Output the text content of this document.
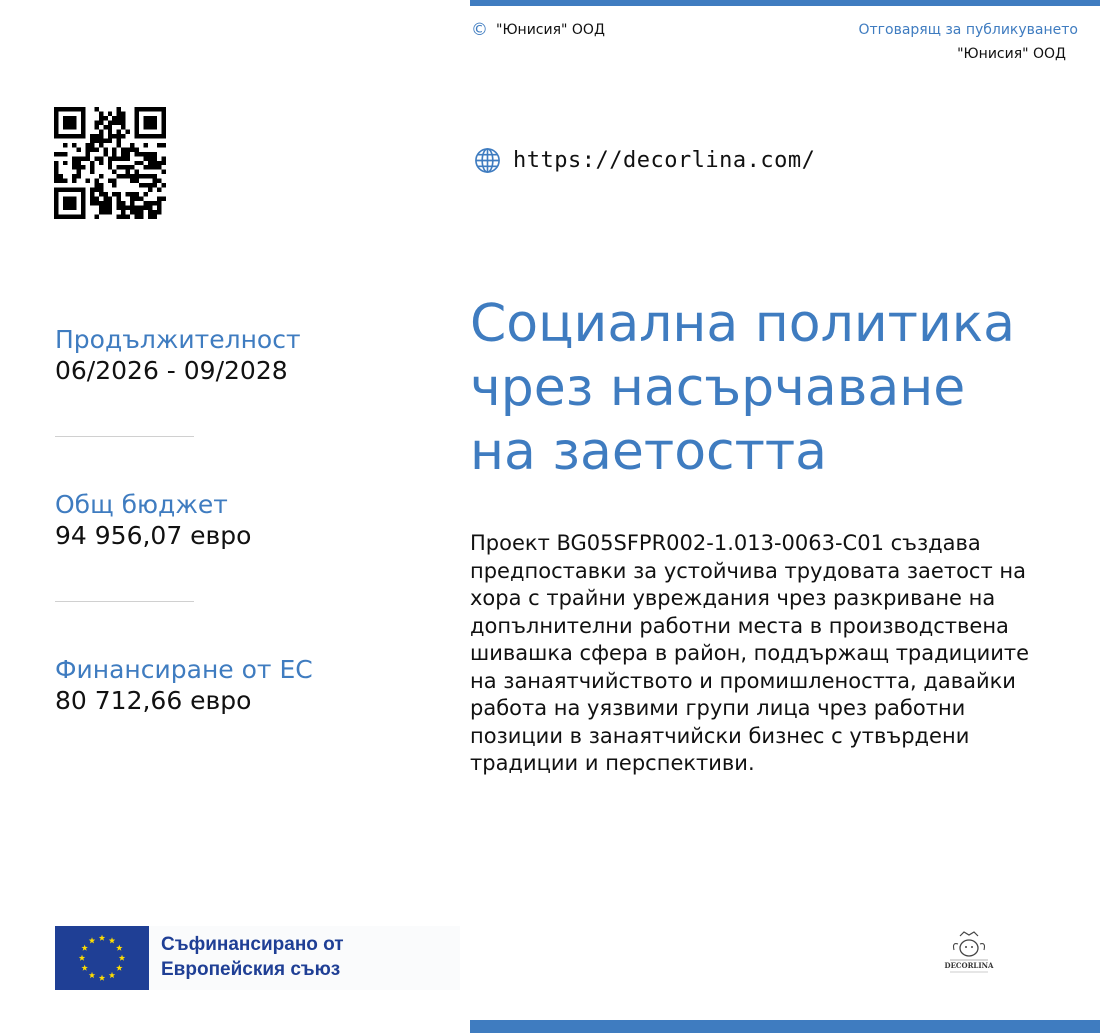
© "Юнисия" ООД	Отговарящ за публикуването
"Юнисия" ООД
https://decorlina.com/
Продължителност
06/2026 - 09/2028
Общ бюджет
94 956,07 евро
Финансиране от ЕС
80 712,66 евро
Социална политика
чрез насърчаване
на заетостта

Проект BG05SFPR002-1.013-0063-C01 създава предпоставки за устойчива трудовата заетост на хора с трайни увреждания чрез разкриване на допълнителни работни места в производствена шивашка сфера в район, поддържащ традициите на занаятчийството и промишлеността, давайки работа на уязвими групи лица чрез работни позиции в занаятчийски бизнес с утвърдени традиции и перспективи.

Съфинансирано от
Европейския съюз	DECORLINA
